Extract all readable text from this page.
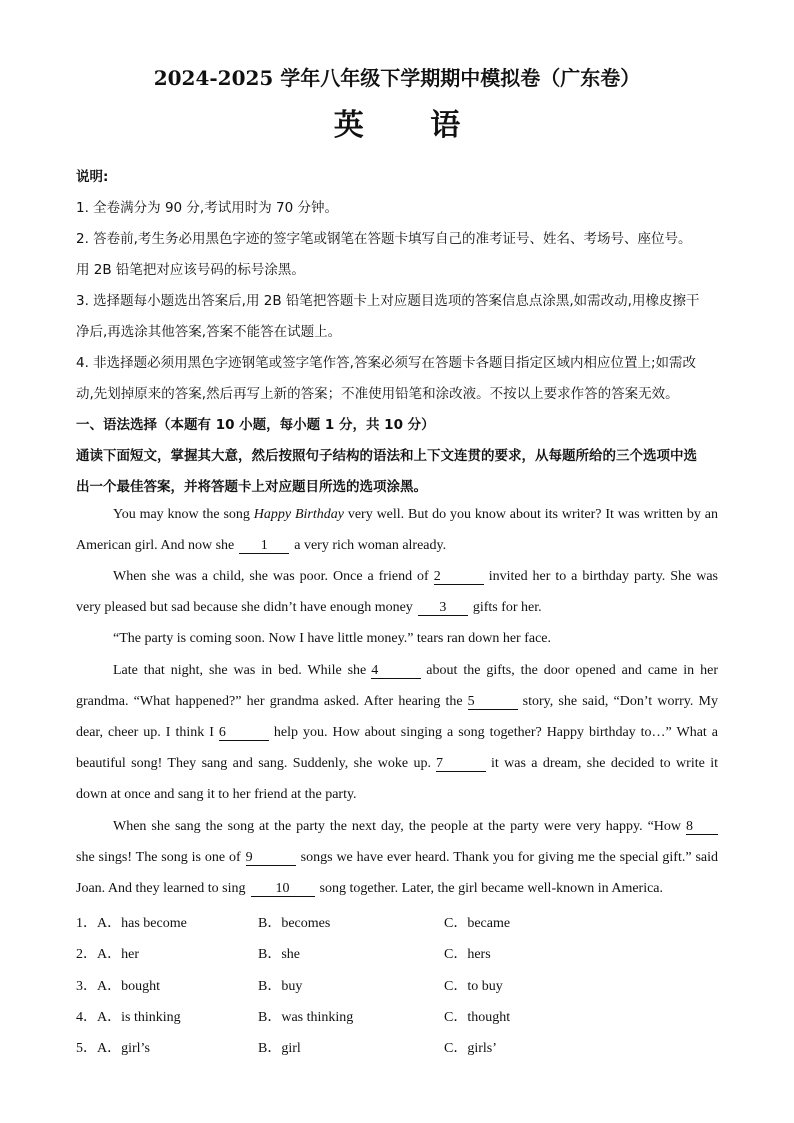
2024-2025 学年八年级下学期期中模拟卷（广东卷）
英 语
说明:
1. 全卷满分为 90 分,考试用时为 70 分钟。
2. 答卷前,考生务必用黑色字迹的签字笔或钢笔在答题卡填写自己的准考证号、姓名、考场号、座位号。
用 2B 铅笔把对应该号码的标号涂黑。
3. 选择题每小题选出答案后,用 2B 铅笔把答题卡上对应题目选项的答案信息点涂黑,如需改动,用橡皮擦干
净后,再选涂其他答案,答案不能答在试题上。
4. 非选择题必须用黑色字迹钢笔或签字笔作答,答案必须写在答题卡各题目指定区域内相应位置上;如需改
动,先划掉原来的答案,然后再写上新的答案；不准使用铅笔和涂改液。不按以上要求作答的答案无效。
一、语法选择（本题有 10 小题，每小题 1 分，共 10 分）
通读下面短文，掌握其大意，然后按照句子结构的语法和上下文连贯的要求，从每题所给的三个选项中选
出一个最佳答案，并将答题卡上对应题目所选的选项涂黑。
You may know the song Happy Birthday very well. But do you know about its writer? It was written by an
American girl. And now she 1 a very rich woman already.
When she was a child, she was poor. Once a friend of 2	invited her to a birthday party. She was
very pleased but sad because she didn’t have enough money 3 gifts for her.
“The party is coming soon. Now I have little money.” tears ran down her face.
Late that night, she was in bed. While she 4	about the gifts, the door opened and came in her
grandma. “What happened?” her grandma asked. After hearing the 5	story, she said, “Don’t worry. My
dear, cheer up. I think I 6	help you. How about singing a song together? Happy birthday to…” What a
beautiful song! They sang and sang. Suddenly, she woke up. 7	it was a dream, she decided to write it
down at once and sang it to her friend at the party.
When she sang the song at the party the next day, the people at the party were very happy. “How 8
she sings! The song is one of 9	songs we have ever heard. Thank you for giving me the special gift.” said
Joan. And they learned to sing 10 song together. Later, the girl became well-known in America.
1．A．has become	B．becomes	C．became
2．A．her	B．she	C．hers
3．A．bought	B．buy	C．to buy
4．A．is thinking	B．was thinking	C．thought
5．A．girl’s	B．girl	C．girls’
